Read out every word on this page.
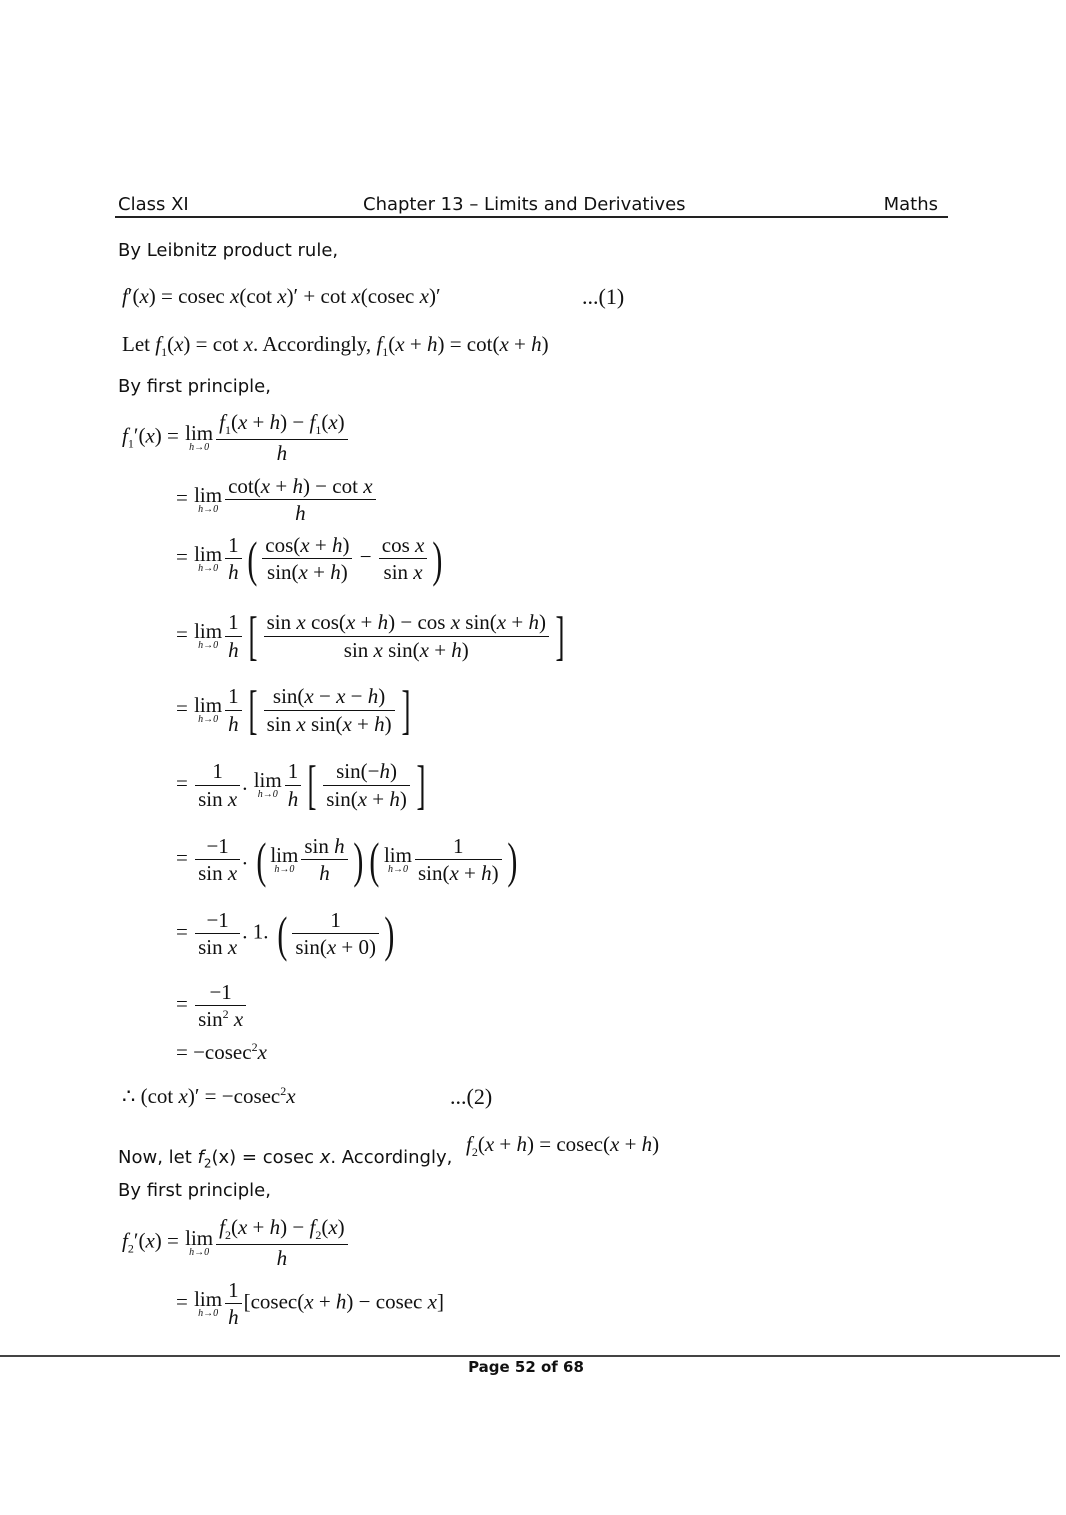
Class XI	Chapter 13 – Limits and Derivatives	Maths
By Leibnitz product rule,
f′(x) = cosec x(cot x)′ + cot x(cosec x)′	...(1)
Let $f_1(x) = \cot x$. Accordingly, $f_1(x + h) = \cot(x + h)$
By first principle,
$f_1'(x) = \lim$
$h\to 0 \frac{f_1(x + h) - f_1(x)}{h}$
= lim
$h\to 0 \frac{\text{cot(x + h) − cot x}}{h}$
= lim
$h\to 0 \frac{1}{h}$ ( $\frac{\cos(x + h)}{\sin(x + h)} - \frac{\text{cos x}}{\text{sin x}}$ )
= lim
$h\to 0 \frac{1}{h}$ [ $\frac{\text{sin x cos(x + h) − cos x sin(x + h)}}{\text{sin x sin(x + h)}}$ ]
= lim
$h\to 0 \frac{1}{h}$ [ $\frac{\sin(x - x - h)}{\text{sin x sin(x + h)}}$ ]
= $\frac{1}{\text{sin x}}$ . lim
$h\to 0 \frac{1}{h}$ [ $\frac{\sin(-h)}{\sin(x + h)}$ ]
= $\frac{-1}{\text{sin x}}$ . ( lim
$h\to 0 \frac{\text{sin h}}{h}$ ) ( lim
$h\to 0 \frac{1}{\sin(x + h)}$ )
= $\frac{-1}{\text{sin x}}$ . 1. ( $\frac{1}{\sin(x + 0)}$ )
= $\frac{-1}{\sin^2 x}$
= −cosec$^2$x
∴ (cot x)′ = −cosec$^2$x	...(2)
Now, let $f_2(x) = cosec$ x. Accordingly,
$f_2(x + h) = cosec(x + h)$
By first principle,
$f_2'(x) = \lim$
$h\to 0 \frac{f_2(x + h) - f_2(x)}{h}$
= lim
$h\to 0 \frac{1}{h} [cosec(x + h) - cosec$ x]
Page 52 of 68
